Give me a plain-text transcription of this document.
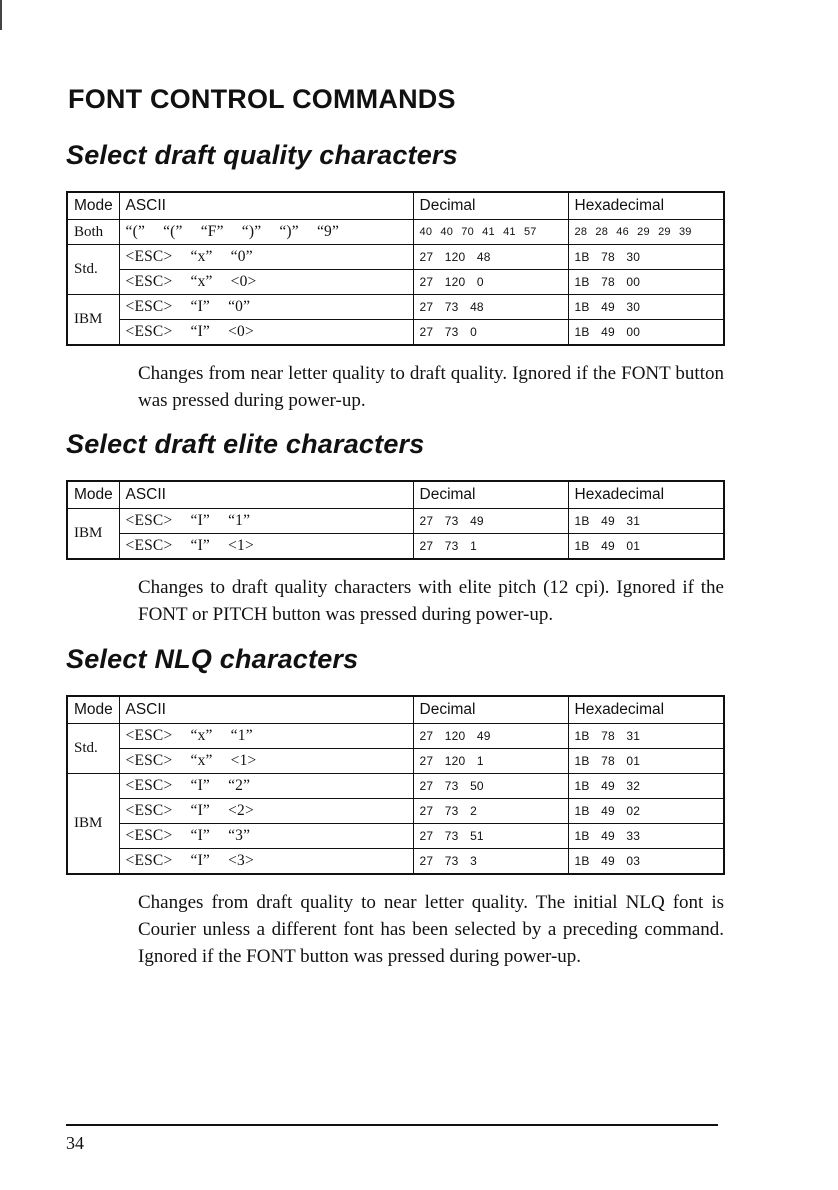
FONT CONTROL COMMANDS
Select draft quality characters
Mode	ASCII	Decimal	Hexadecimal
Both	“(” “(” “F” “)” “)” “9”	40 40 70 41 41 57	28 28 46 29 29 39
Std.	<ESC> “x” “0”	27 120 48	1B 78 30
	<ESC> “x” <0>	27 120 0	1B 78 00
IBM	<ESC> “I” “0”	27 73 48	1B 49 30
	<ESC> “I” <0>	27 73 0	1B 49 00

Changes from near letter quality to draft quality. Ignored if the FONT button was pressed during power-up.

Select draft elite characters
Mode	ASCII	Decimal	Hexadecimal
IBM	<ESC> “I” “1”	27 73 49	1B 49 31
	<ESC> “I” <1>	27 73 1	1B 49 01

Changes to draft quality characters with elite pitch (12 cpi). Ignored if the FONT or PITCH button was pressed during power-up.

Select NLQ characters
Mode	ASCII	Decimal	Hexadecimal
Std.	<ESC> “x” “1”	27 120 49	1B 78 31
	<ESC> “x” <1>	27 120 1	1B 78 01
IBM	<ESC> “I” “2”	27 73 50	1B 49 32
	<ESC> “I” <2>	27 73 2	1B 49 02
	<ESC> “I” “3”	27 73 51	1B 49 33
	<ESC> “I” <3>	27 73 3	1B 49 03

Changes from draft quality to near letter quality. The initial NLQ font is Courier unless a different font has been selected by a preceding command. Ignored if the FONT button was pressed during power-up.

34
